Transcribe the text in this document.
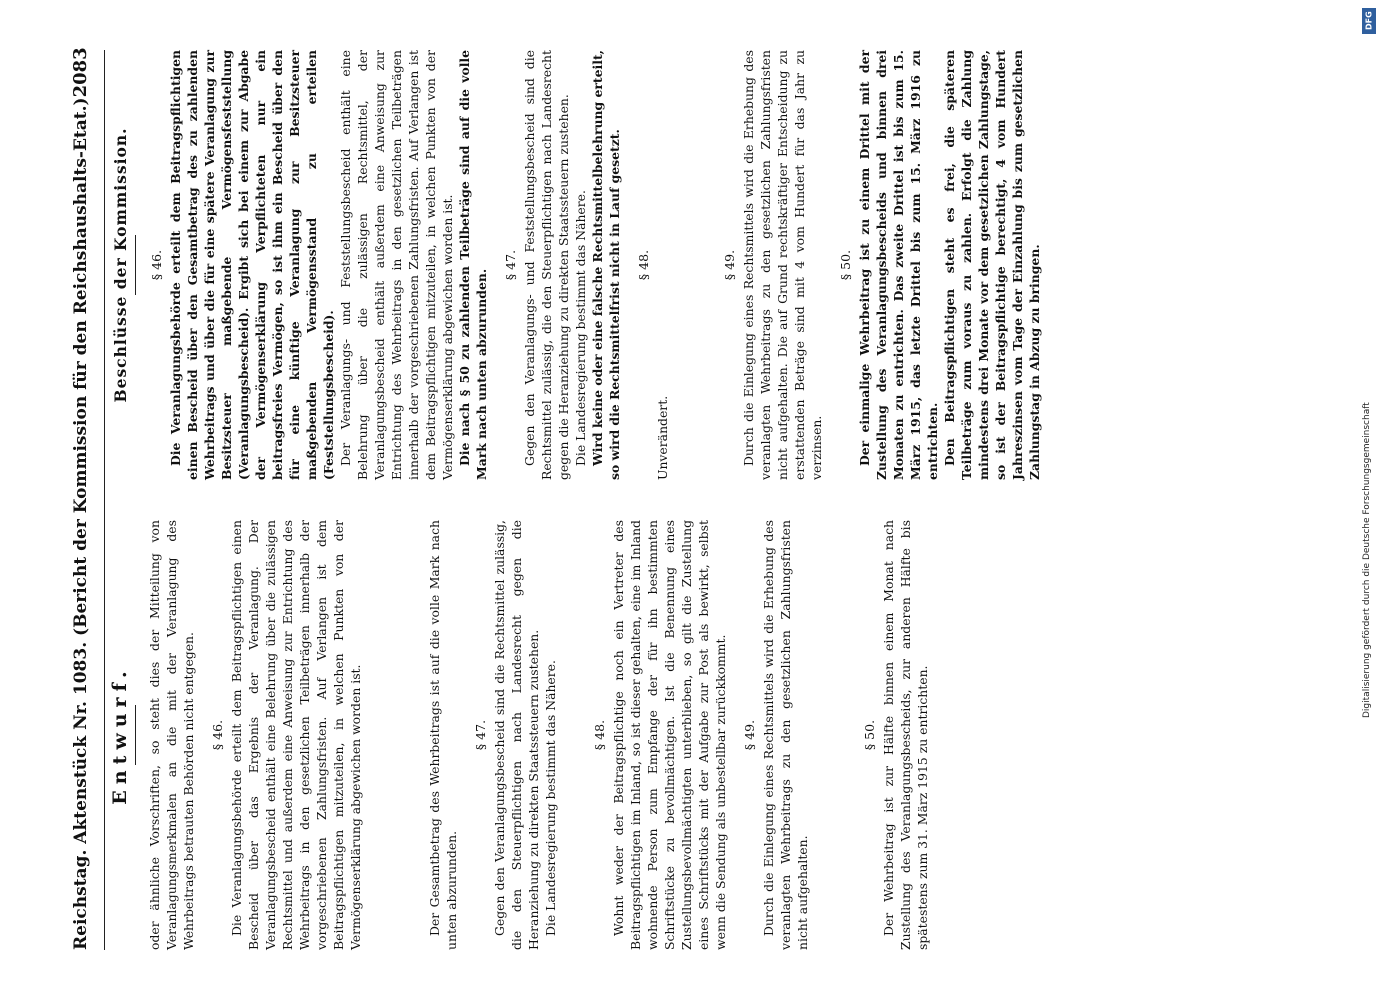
Reichstag. Aktenstück Nr. 1083. (Bericht der Kommission für den Reichshaushalts-Etat.)
2083
Entwurf. oder ähnliche Vorschriften, so steht dies der Mitteilung von Veranlagungsmerkmalen an die mit der Veranlagung des Wehrbeitrags betrauten Behörden nicht entgegen. § 46. Die Veranlagungsbehörde erteilt dem Beitragspflichtigen einen Bescheid über das Ergebnis der Veranlagung. Der Veranlagungsbescheid enthält eine Belehrung über die zulässigen Rechtsmittel und außerdem eine Anweisung zur Entrichtung des Wehrbeitrags in den gesetzlichen Teilbeträgen innerhalb der vorgeschriebenen Zahlungsfristen. Auf Verlangen ist dem Beitragspflichtigen mitzuteilen, in welchen Punkten von der Vermögenserklärung abgewichen worden ist.	Der Gesamtbetrag des Wehrbeitrags ist auf die volle Mark nach unten abzurunden.

§ 47. Gegen den Veranlagungsbescheid sind die Rechtsmittel zulässig, die den Steuerpflichtigen nach Landesrecht gegen die Heranziehung zu direkten Staatssteuern zustehen. Die Landesregierung bestimmt das Nähere.	§ 48. Wohnt weder der Beitragspflichtige noch ein Vertreter des Beitragspflichtigen im Inland, so ist dieser gehalten, eine im Inland wohnende Person zum Empfange der für ihn bestimmten Schriftstücke zu bevollmächtigen. Ist die Benennung eines Zustellungsbevollmächtigten unterblieben, so gilt die Zustellung eines Schriftstücks mit der Aufgabe zur Post als bewirkt, selbst wenn die Sendung als unbestellbar zurückkommt. § 49. Durch die Einlegung eines Rechtsmittels wird die Erhebung des veranlagten Wehrbeitrags zu den gesetzlichen Zahlungsfristen nicht aufgehalten.

§ 50. Der Wehrbeitrag ist zur Hälfte binnen einem Monat nach Zustellung des Veranlagungsbescheids, zur anderen Hälfte bis spätestens zum 31. März 1915 zu entrichten.

Beschlüsse der Kommission. § 46. Die Veranlagungsbehörde erteilt dem Beitragspflichtigen einen Bescheid über den Gesamtbetrag des zu zahlenden Wehrbeitrags und über die für eine spätere Veranlagung zur Besitzsteuer maßgebende Vermögensfeststellung (Veranlagungsbescheid). Ergibt sich bei einem zur Abgabe der Vermögenserklärung Verpflichteten nur ein beitragsfreies Vermögen, so ist ihm ein Bescheid über den für eine künftige Veranlagung zur Besitzsteuer maßgebenden Vermögensstand zu erteilen (Feststellungsbescheid). Der Veranlagungs- und Feststellungsbescheid enthält eine Belehrung über die zulässigen Rechtsmittel, der Veranlagungsbescheid enthält außerdem eine Anweisung zur Entrichtung des Wehrbeitrags in den gesetzlichen Teilbeträgen innerhalb der vorgeschriebenen Zahlungsfristen. Auf Verlangen ist dem Beitragspflichtigen mitzuteilen, in welchen Punkten von der Vermögenserklärung abgewichen worden ist. Die nach § 50 zu zahlenden Teilbeträge sind auf die volle Mark nach unten abzurunden.

§ 47. Gegen den Veranlagungs- und Feststellungsbescheid sind die Rechtsmittel zulässig, die den Steuerpflichtigen nach Landesrecht gegen die Heranziehung zu direkten Staatssteuern zustehen. Die Landesregierung bestimmt das Nähere. Wird keine oder eine falsche Rechtsmittelbelehrung erteilt, so wird die Rechtsmittelfrist nicht in Lauf gesetzt. § 48.

Unverändert.

§ 49. Durch die Einlegung eines Rechtsmittels wird die Erhebung des veranlagten Wehrbeitrags zu den gesetzlichen Zahlungsfristen nicht aufgehalten. Die auf Grund rechtskräftiger Entscheidung zu erstattenden Beträge sind mit 4 vom Hundert für das Jahr zu verzinsen.

§ 50. Der einmalige Wehrbeitrag ist zu einem Drittel mit der Zustellung des Veranlagungsbescheids und binnen drei Monaten zu entrichten. Das zweite Drittel ist bis zum 15. März 1915, das letzte Drittel bis zum 15. März 1916 zu entrichten. Den Beitragspflichtigen steht es frei, die späteren Teilbeträge zum voraus zu zahlen. Erfolgt die Zahlung mindestens drei Monate vor dem gesetzlichen Zahlungstage, so ist der Beitragspflichtige berechtigt, 4 vom Hundert Jahreszinsen vom Tage der Einzahlung bis zum gesetzlichen Zahlungstag in Abzug zu bringen.

DFG
Digitalisierung gefördert durch die Deutsche Forschungsgemeinschaft
